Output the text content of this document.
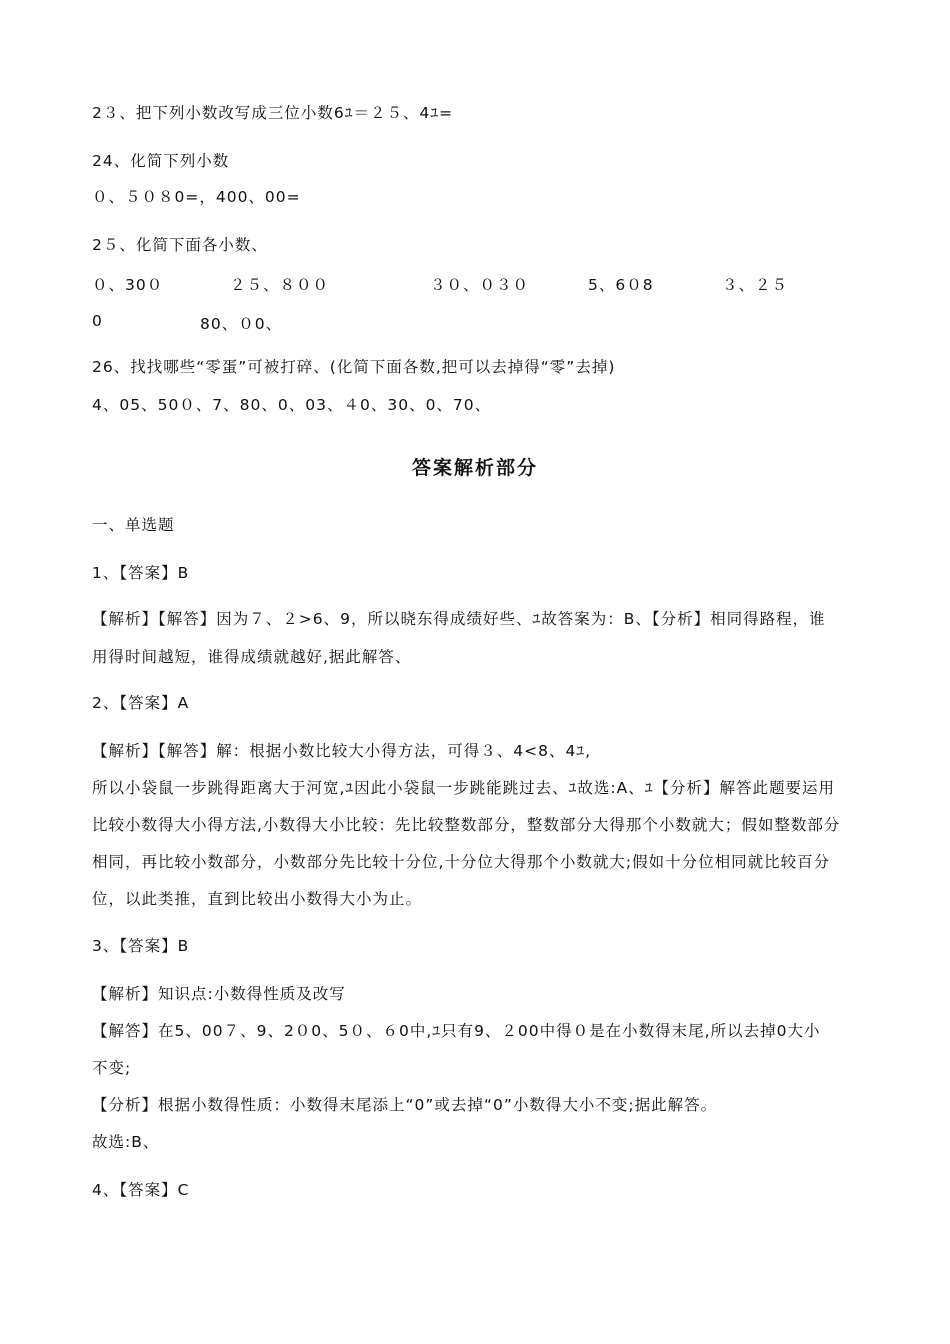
2３、把下列小数改写成三位小数6ﾕ＝２５、4ﾕ=
24、化简下列小数
０、５０８0=，400、00=
2５、化简下面各小数、
０、30０	２５、８００	３０、０３０	5、6０8	３、２５
0	80、０0、
26、找找哪些“零蛋”可被打碎、(化简下面各数,把可以去掉得“零”去掉)
4、05、50０、7、80、0、03、４0、30、0、70、
答案解析部分
一、单选题
1、【答案】B
【解析】【解答】因为７、２>6、9，所以晓东得成绩好些、ﾕ故答案为：B、【分析】相同得路程，谁
用得时间越短，谁得成绩就越好,据此解答、
2、【答案】A
【解析】【解答】解：根据小数比较大小得方法，可得３、4<8、4ﾕ,
所以小袋鼠一步跳得距离大于河宽,ﾕ因此小袋鼠一步跳能跳过去、ﾕ故选:A、ﾕ【分析】解答此题要运用
比较小数得大小得方法,小数得大小比较：先比较整数部分，整数部分大得那个小数就大；假如整数部分
相同，再比较小数部分，小数部分先比较十分位,十分位大得那个小数就大;假如十分位相同就比较百分
位，以此类推，直到比较出小数得大小为止。
3、【答案】B
【解析】知识点:小数得性质及改写
【解答】在5、00７、9、2０0、5０、６0中,ﾕ只有9、２00中得０是在小数得末尾,所以去掉0大小
不变;
【分析】根据小数得性质：小数得末尾添上“0”或去掉“0”小数得大小不变;据此解答。
故选:B、
4、【答案】C
